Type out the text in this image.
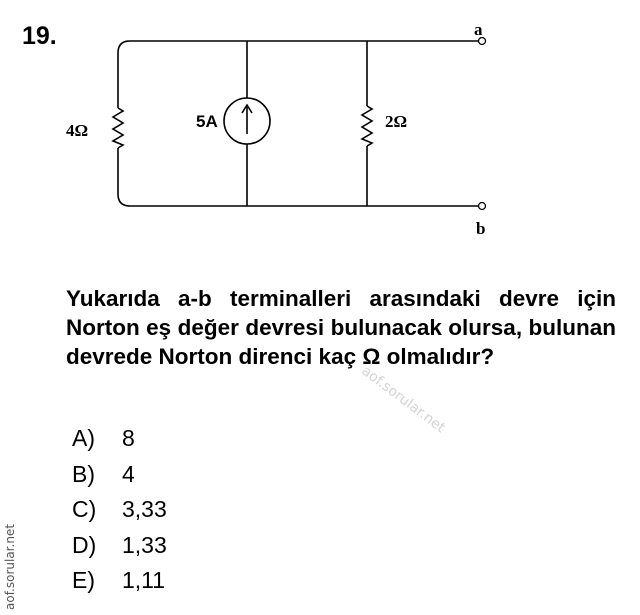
19.
4Ω	5A	2Ω
a
b
Yukarıda a-b terminalleri arasındaki devre için Norton eş değer devresi bulunacak olursa, bulunan devrede Norton direnci kaç Ω olmalıdır?
A)	8
B)	4
C)	3,33
D)	1,33
E)	1,11
aof.sorular.net
aof.sorular.net
